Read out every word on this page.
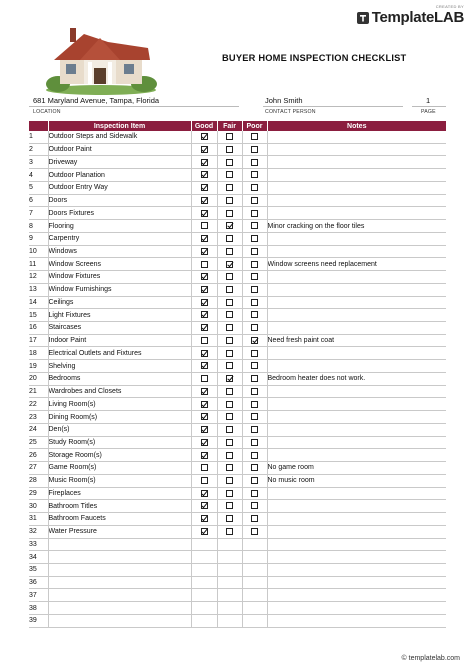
CREATED BY
TemplateLAB
BUYER HOME INSPECTION CHECKLIST
681 Maryland Avenue, Tampa, Florida
LOCATION
John Smith
CONTACT PERSON
1
PAGE
	Inspection Item	Good	Fair	Poor	Notes
1	Outdoor Steps and Sidewalk				
2	Outdoor Paint				
3	Driveway				
4	Outdoor Planation				
5	Outdoor Entry Way				
6	Doors				
7	Doors Fixtures				
8	Flooring				Minor cracking on the floor tiles
9	Carpentry				
10	Windows				
11	Window Screens				Window screens need replacement
12	Window Fixtures				
13	Window Furnishings				
14	Ceilings				
15	Light Fixtures				
16	Staircases				
17	Indoor Paint				Need fresh paint coat
18	Electrical Outlets and Fixtures				
19	Shelving				
20	Bedrooms				Bedroom heater does not work.
21	Wardrobes and Closets				
22	Living Room(s)				
23	Dining Room(s)				
24	Den(s)				
25	Study Room(s)				
26	Storage Room(s)				
27	Game Room(s)				No game room
28	Music Room(s)				No music room
29	Fireplaces				
30	Bathroom Titles				
31	Bathroom Faucets				
32	Water Pressure				
33					
34					
35					
36					
37					
38					
39					
© templatelab.com
